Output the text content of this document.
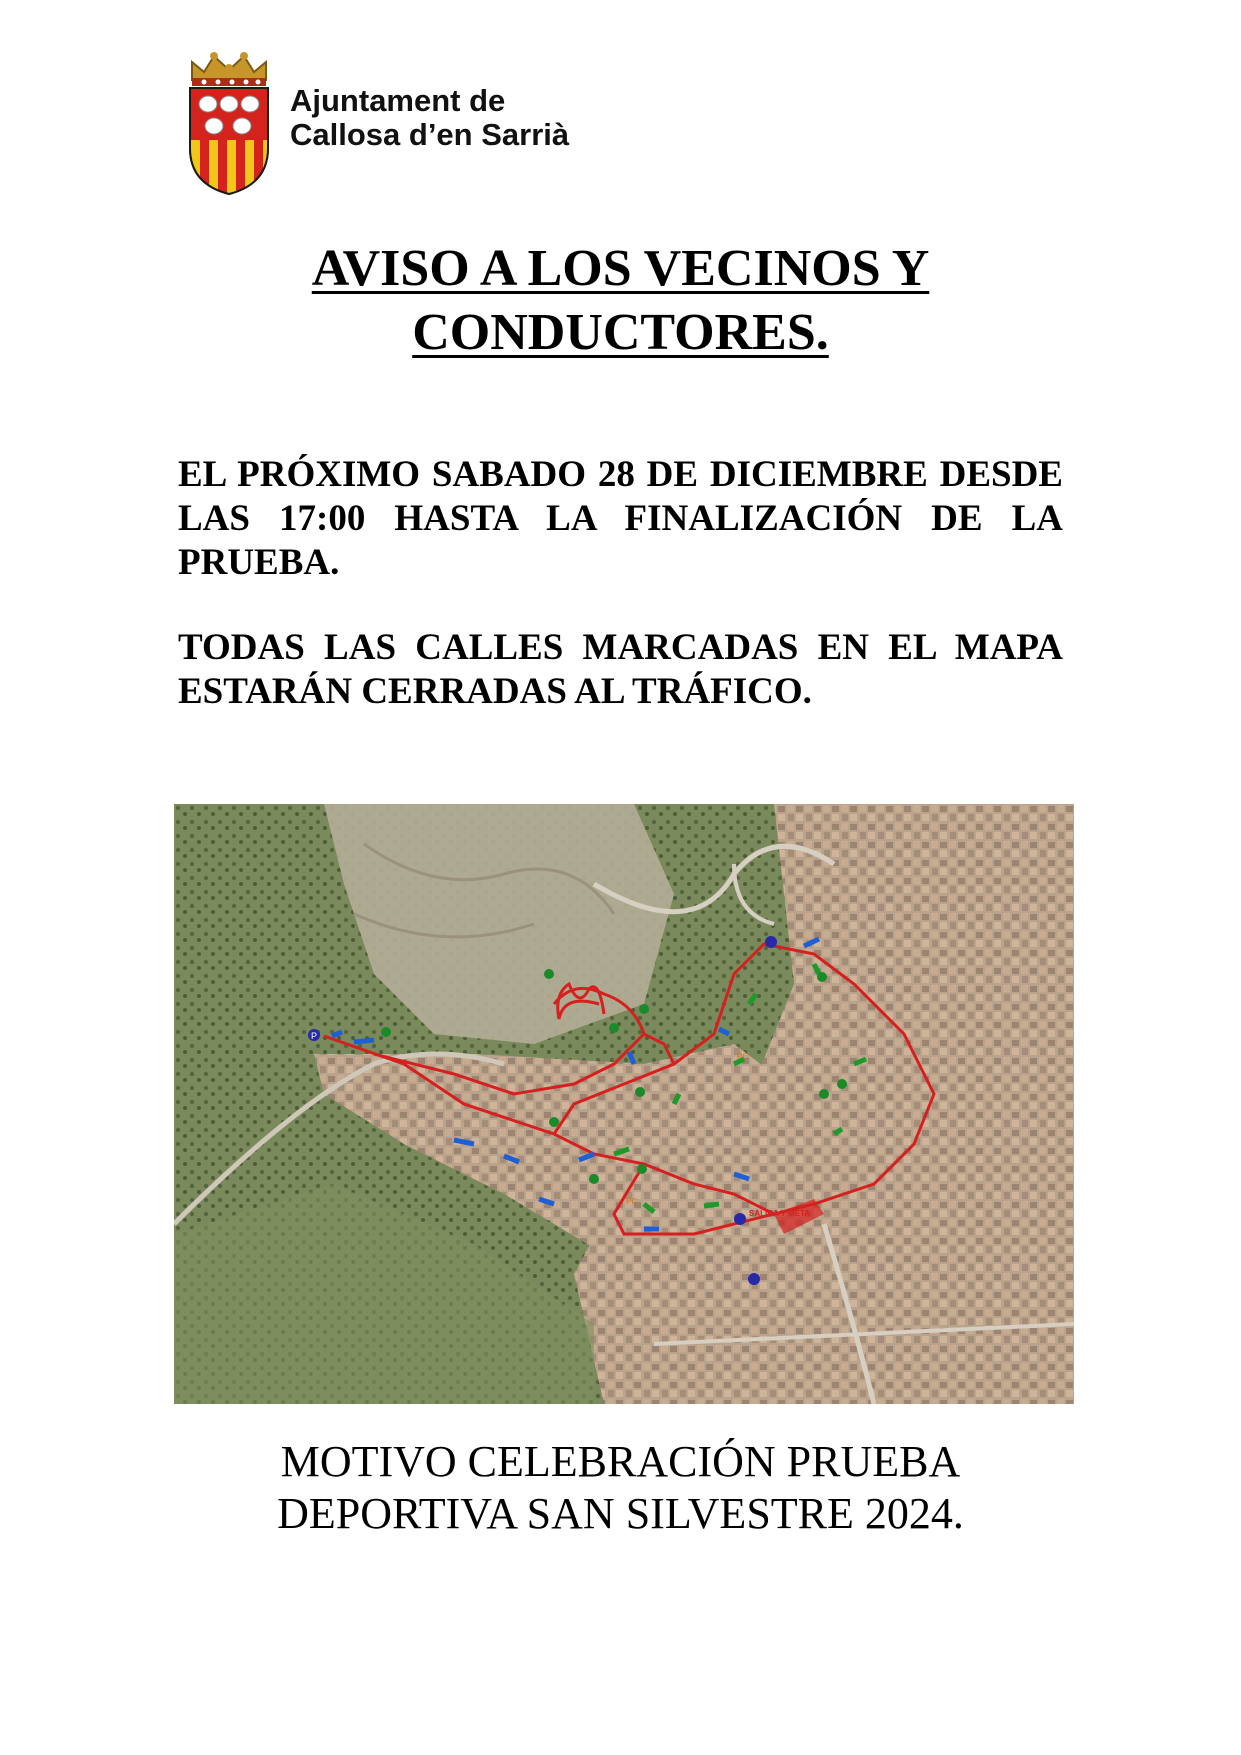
Ajuntament de
Callosa d’en Sarrià
AVISO A LOS VECINOS Y
CONDUCTORES.
EL PRÓXIMO SABADO 28 DE DICIEMBRE DESDE LAS 17:00 HASTA LA FINALIZACIÓN DE LA PRUEBA.
TODAS LAS CALLES MARCADAS EN EL MAPA ESTARÁN CERRADAS AL TRÁFICO.
P
PC
PC
SALIDA Y META
MOTIVO CELEBRACIÓN PRUEBA
DEPORTIVA SAN SILVESTRE 2024.
